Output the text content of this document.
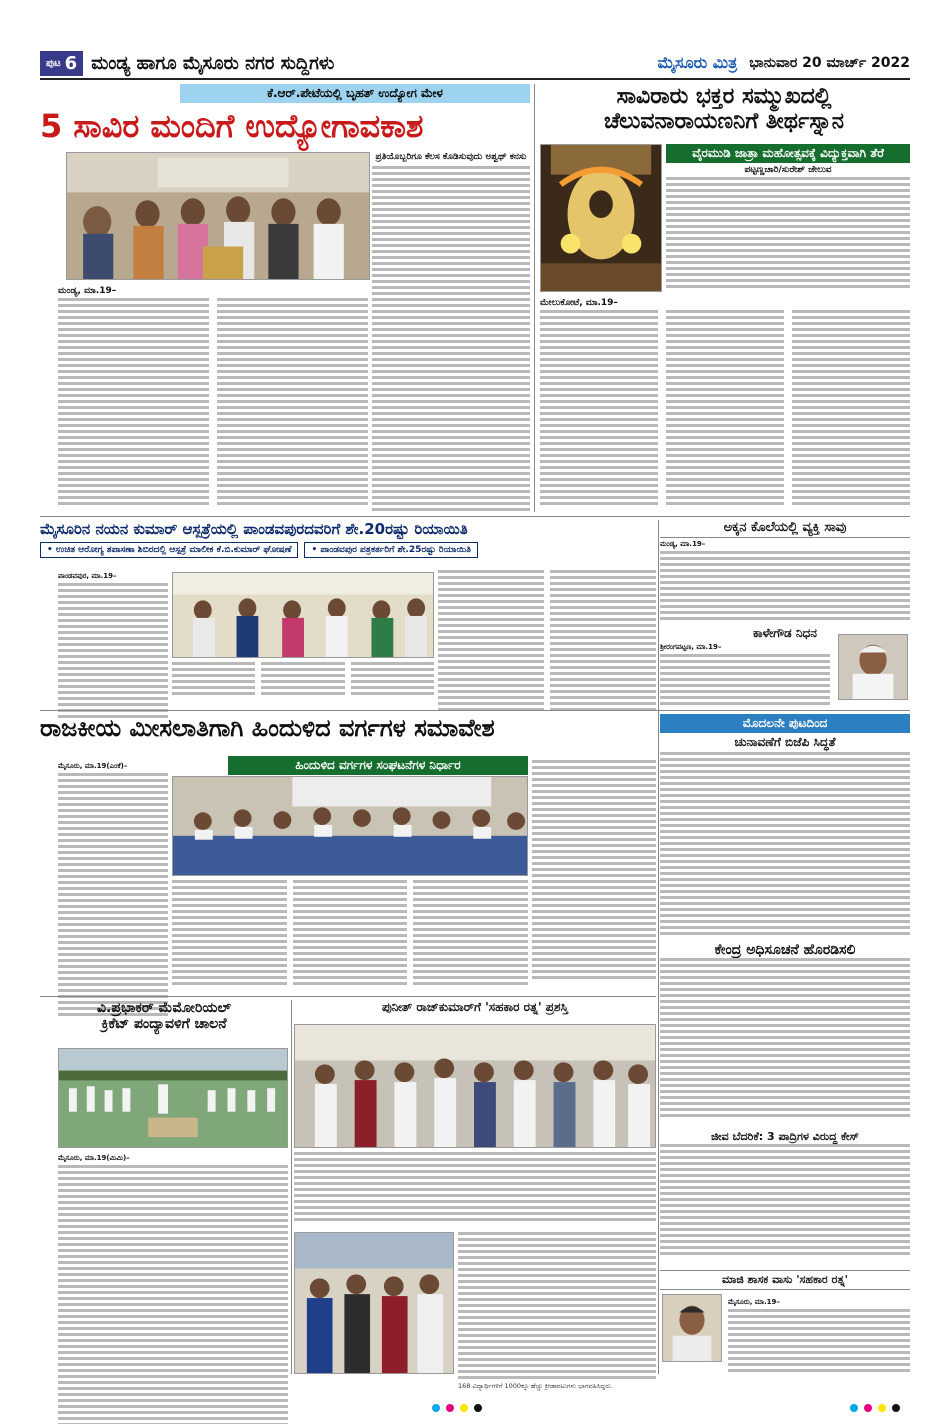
ಪುಟ 6 ಮಂಡ್ಯ ಹಾಗೂ ಮೈಸೂರು ನಗರ ಸುದ್ದಿಗಳು	ಮೈಸೂರು ಮಿತ್ರ ಭಾನುವಾರ 20 ಮಾರ್ಚ್ 2022
ಕೆ.ಆರ್.ಪೇಟೆಯಲ್ಲಿ ಬೃಹತ್ ಉದ್ಯೋಗ ಮೇಳ
5 ಸಾವಿರ ಮಂದಿಗೆ ಉದ್ಯೋಗಾವಕಾಶ
ಪ್ರತಿಯೊಬ್ಬರಿಗೂ ಕೆಲಸ ಕೊಡಿಸುವುದು ಅಶ್ವಥ್ ಕನಸು
ಮಂಡ್ಯ, ಮಾ.19–
ಸಾವಿರಾರು ಭಕ್ತರ ಸಮ್ಮುಖದಲ್ಲಿ
ಚೆಲುವನಾರಾಯಣನಿಗೆ ತೀರ್ಥಸ್ನಾನ
ವೈರಮುಡಿ ಜಾತ್ರಾ ಮಹೋತ್ಸವಕ್ಕೆ ವಿದ್ಯುಕ್ತವಾಗಿ ತೆರೆ
ಪಟ್ಟಣ್ಣಚಾರಿ/ಸುರೇಶ್ ಜೇಲುವ
ಮೇಲುಕೋಟೆ, ಮಾ.19–
ಮೈಸೂರಿನ ನಯನ ಕುಮಾರ್ ಆಸ್ಪತ್ರೆಯಲ್ಲಿ ಪಾಂಡವಪುರದವರಿಗೆ ಶೇ.20ರಷ್ಟು ರಿಯಾಯಿತಿ
• ಉಚಿತ ಆರೋಗ್ಯ ತಪಾಸಣಾ ಶಿಬಿರದಲ್ಲಿ ಆಸ್ಪತ್ರೆ ಮಾಲೀಕ ಕೆ.ಬಿ.ಕುಮಾರ್ ಘೋಷಣೆ	• ಪಾಂಡವಪುರ ಪತ್ರಕರ್ತರಿಗೆ ಶೇ.25ರಷ್ಟು ರಿಯಾಯಿತಿ
ಪಾಂಡವಪುರ, ಮಾ.19–
ಅಕ್ಕನ ಕೊಲೆಯಲ್ಲಿ ವ್ಯಕ್ತಿ ಸಾವು
ಮಂಡ್ಯ, ಮಾ.19–
ಕಾಳೇಗೌಡ ನಿಧನ
ಶ್ರೀರಂಗಪಟ್ಟಣ, ಮಾ.19–
ರಾಜಕೀಯ ಮೀಸಲಾತಿಗಾಗಿ ಹಿಂದುಳಿದ ವರ್ಗಗಳ ಸಮಾವೇಶ
ಹಿಂದುಳಿದ ವರ್ಗಗಳ ಸಂಘಟನೆಗಳ ನಿರ್ಧಾರ
ಮೈಸೂರು, ಮಾ.19(ಎಂಕೆ)–
ಮೊದಲನೇ ಪುಟದಿಂದ
ಚುನಾವಣೆಗೆ ಬಿಜೆಪಿ ಸಿದ್ಧತೆ
ಕೇಂದ್ರ ಅಧಿಸೂಚನೆ ಹೊರಡಿಸಲಿ
ಜೀವ ಬೆದರಿಕೆ: 3 ಪಾದ್ರಿಗಳ ವಿರುದ್ಧ ಕೇಸ್
ವಿ.ಪ್ರಭಾಕರ್ ಮೆಮೋರಿಯಲ್
ಕ್ರಿಕೆಟ್ ಪಂದ್ಯಾವಳಿಗೆ ಚಾಲನೆ
ಮೈಸೂರು, ಮಾ.19(ಮಿಮಿ)–
ಪುನೀತ್ ರಾಜ್‌ಕುಮಾರ್‌ಗೆ 'ಸಹಕಾರ ರತ್ನ' ಪ್ರಶಸ್ತಿ
168 ವಿದ್ಯಾರ್ಥಿಗಳಿಗೆ 1000ಕ್ಕೂ ಹೆಚ್ಚು ಕ್ರೀಡಾಪಟುಗಳು ಭಾಗವಹಿಸಿದ್ದರು.
ಮಾಜಿ ಶಾಸಕ ವಾಸು 'ಸಹಕಾರ ರತ್ನ'
ಮೈಸೂರು, ಮಾ.19–
